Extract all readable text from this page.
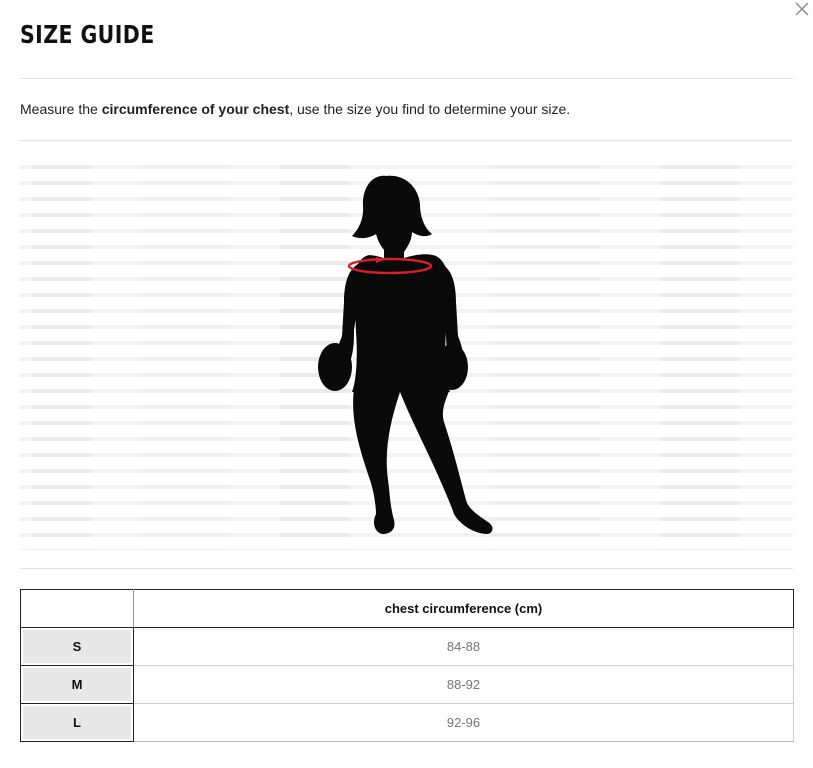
SIZE GUIDE
Measure the circumference of your chest, use the size you find to determine your size.
	chest circumference (cm)
S	84-88
M	88-92
L	92-96
